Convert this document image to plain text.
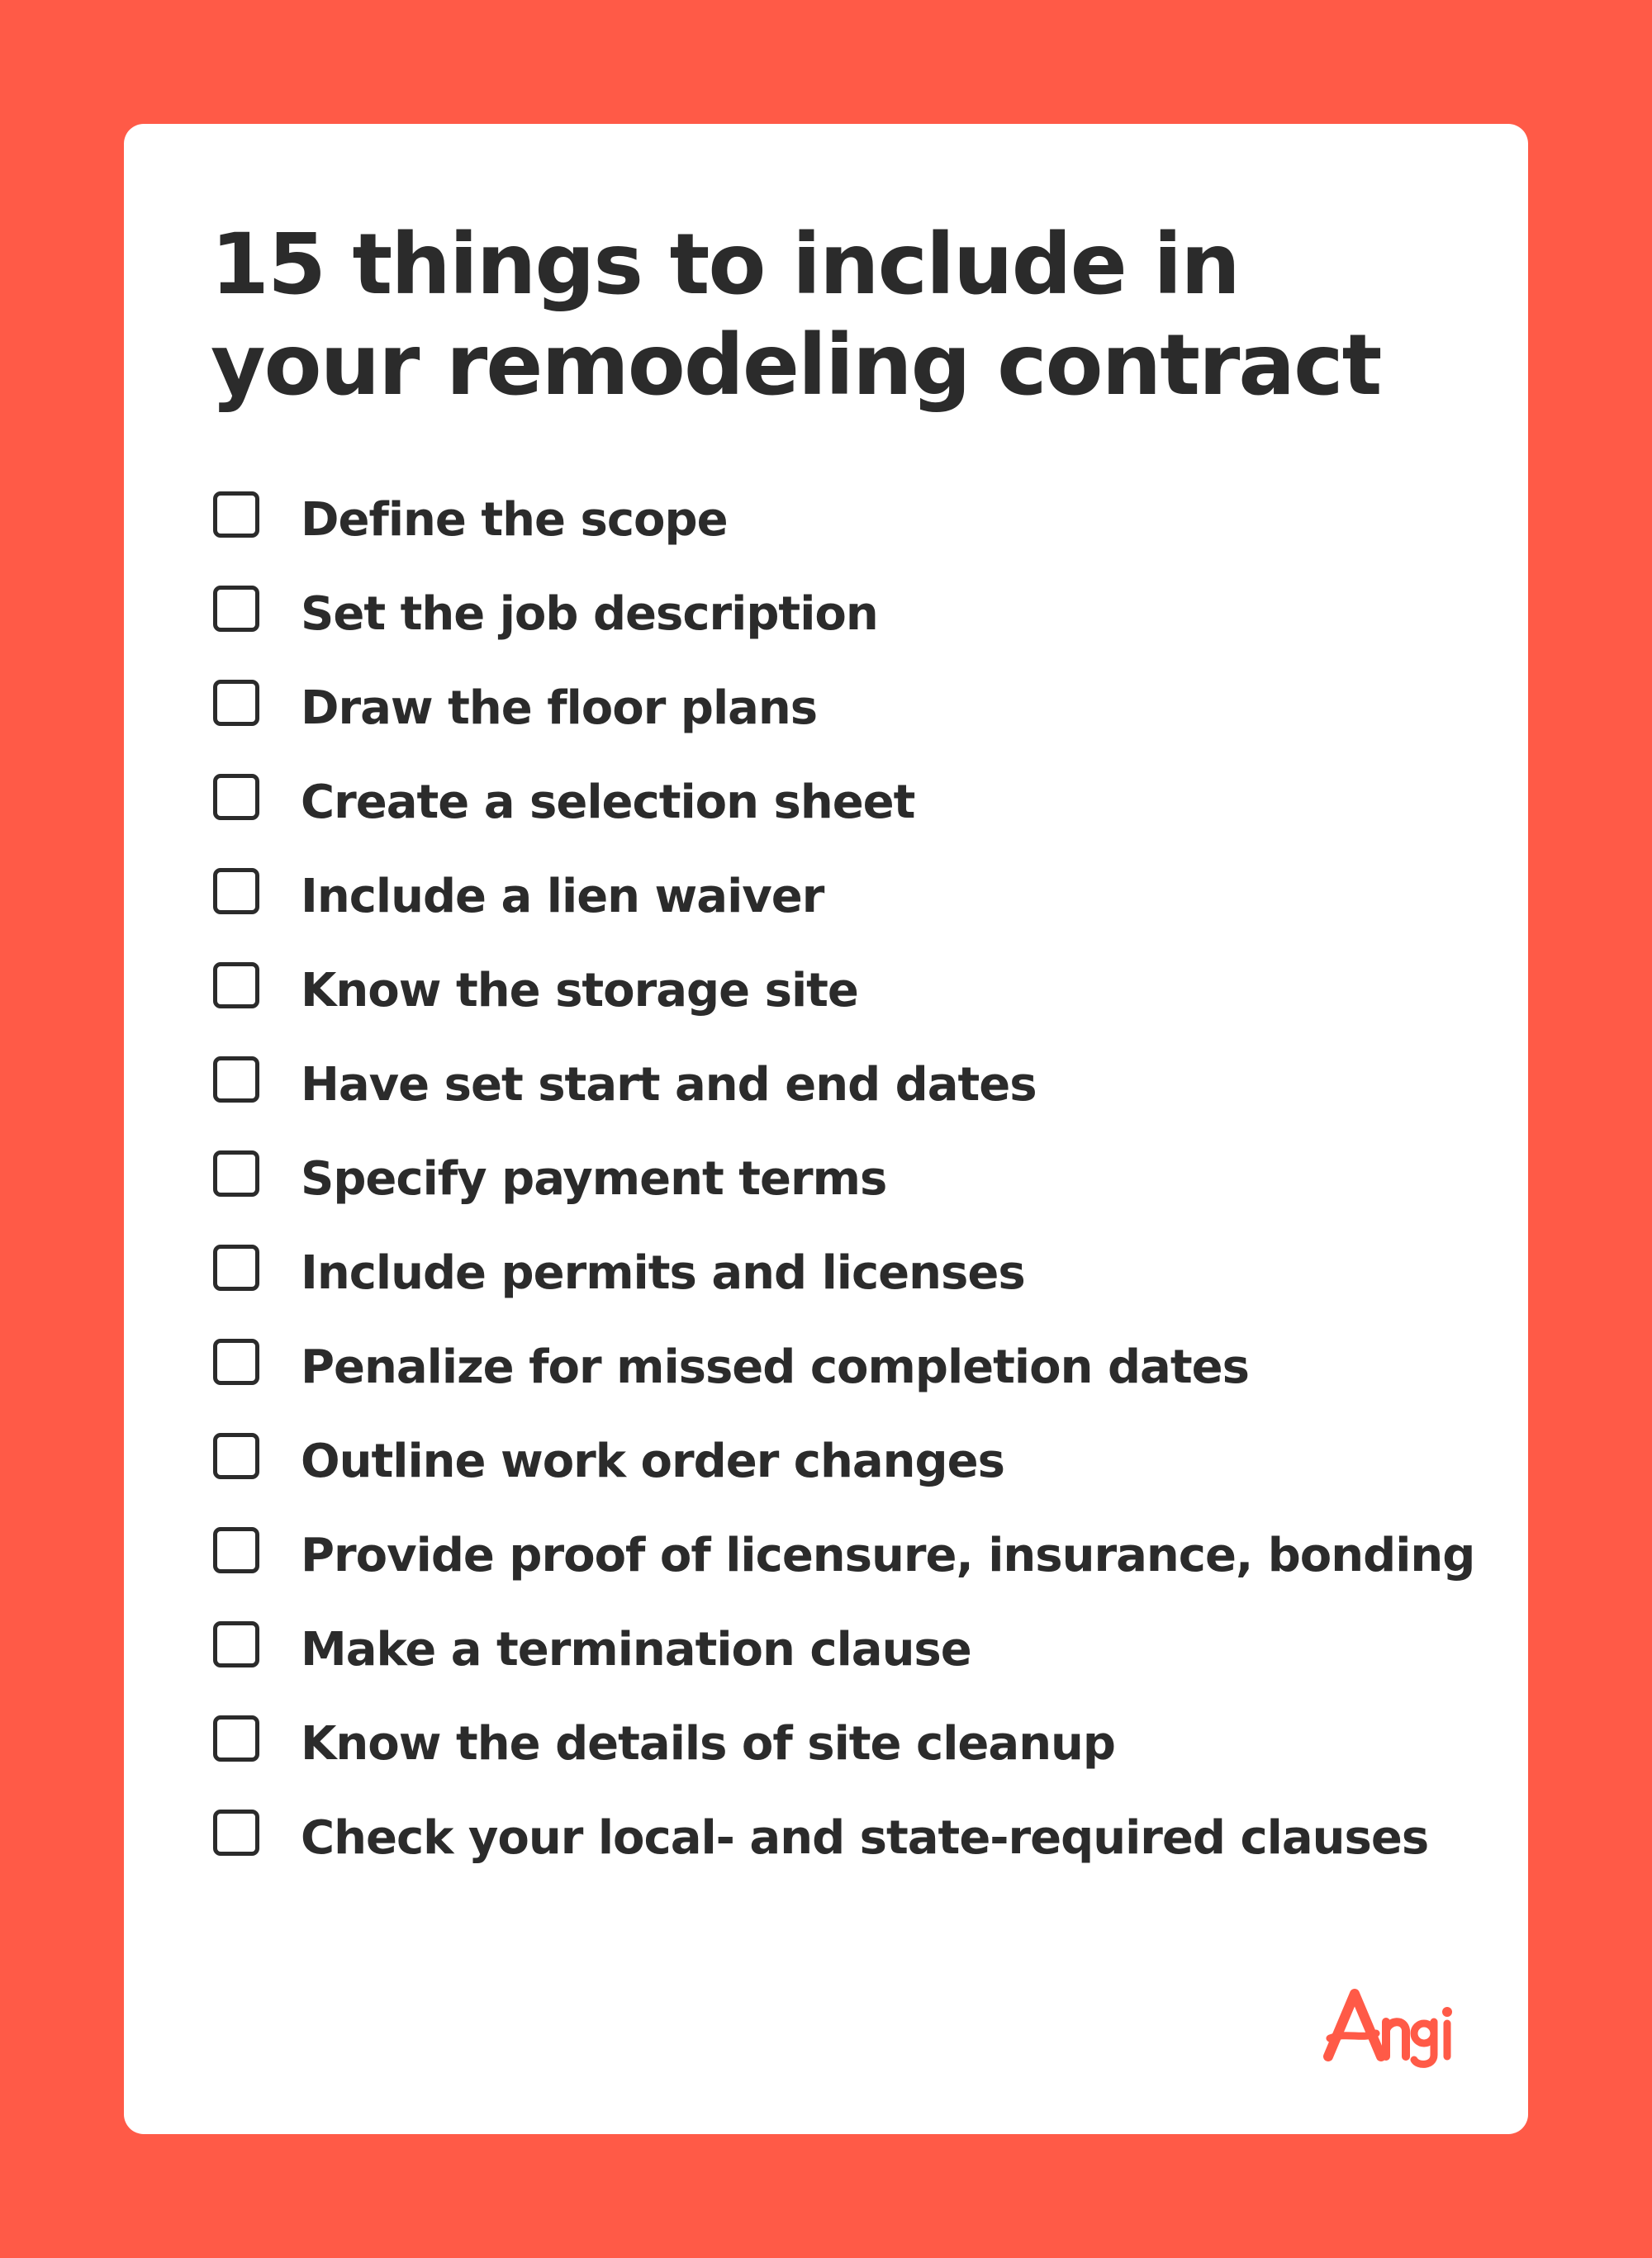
15 things to include in your remodeling contract
Define the scope
Set the job description
Draw the floor plans
Create a selection sheet
Include a lien waiver
Know the storage site
Have set start and end dates
Specify payment terms
Include permits and licenses
Penalize for missed completion dates
Outline work order changes
Provide proof of licensure, insurance, bonding
Make a termination clause
Know the details of site cleanup
Check your local- and state-required clauses
